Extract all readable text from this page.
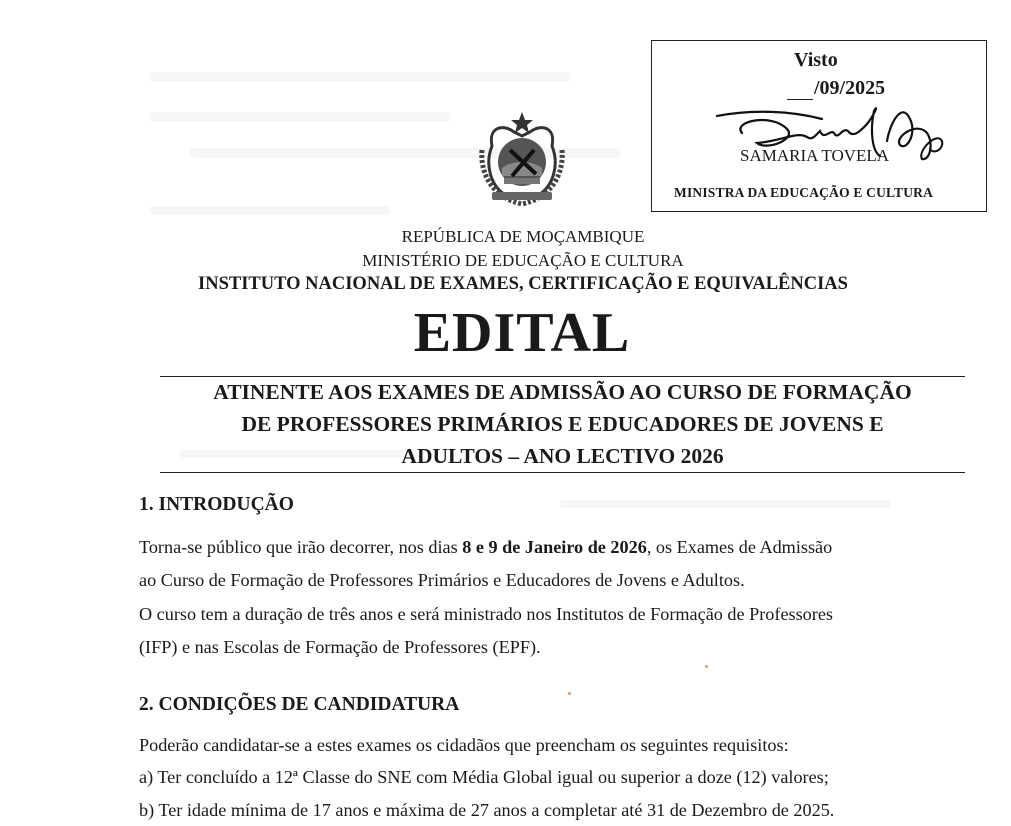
Visto
/09/2025
SAMARIA TOVELA
MINISTRA DA EDUCAÇÃO E CULTURA
REPÚBLICA DE MOÇAMBIQUE
MINISTÉRIO DE EDUCAÇÃO E CULTURA
INSTITUTO NACIONAL DE EXAMES, CERTIFICAÇÃO E EQUIVALÊNCIAS
EDITAL
ATINENTE AOS EXAMES DE ADMISSÃO AO CURSO DE FORMAÇÃO
DE PROFESSORES PRIMÁRIOS E EDUCADORES DE JOVENS E
ADULTOS – ANO LECTIVO 2026
1. INTRODUÇÃO
Torna-se público que irão decorrer, nos dias 8 e 9 de Janeiro de 2026, os Exames de Admissão
ao Curso de Formação de Professores Primários e Educadores de Jovens e Adultos.
O curso tem a duração de três anos e será ministrado nos Institutos de Formação de Professores
(IFP) e nas Escolas de Formação de Professores (EPF).
2. CONDIÇÕES DE CANDIDATURA
Poderão candidatar-se a estes exames os cidadãos que preencham os seguintes requisitos:
a) Ter concluído a 12ª Classe do SNE com Média Global igual ou superior a doze (12) valores;
b) Ter idade mínima de 17 anos e máxima de 27 anos a completar até 31 de Dezembro de 2025.
